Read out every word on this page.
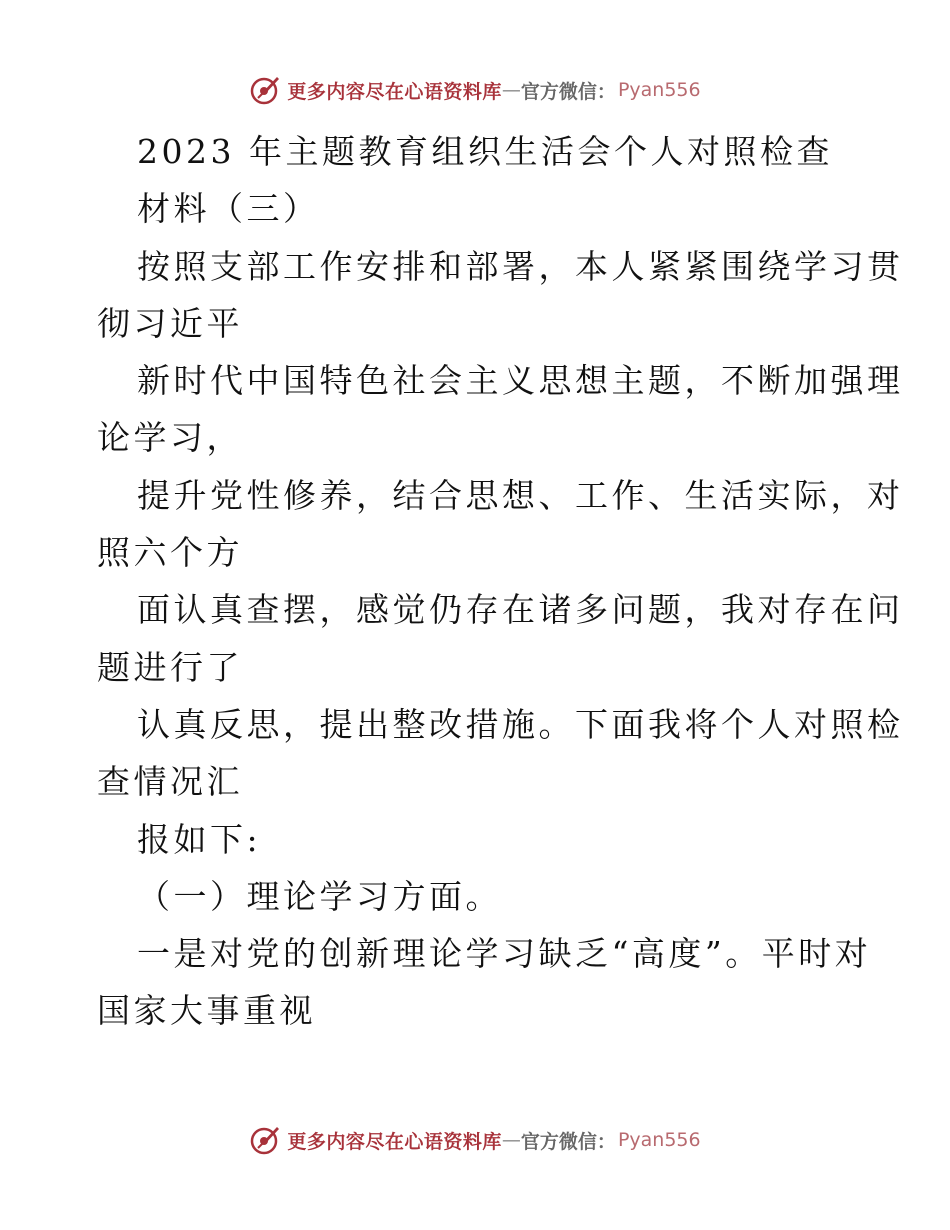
更多内容尽在心语资料库 — 官方微信： Pyan556
2023 年主题教育组织生活会个人对照检查
材料（三）
按照支部工作安排和部署，本人紧紧围绕学习贯
彻习近平
新时代中国特色社会主义思想主题，不断加强理
论学习，
提升党性修养，结合思想、工作、生活实际，对
照六个方
面认真查摆，感觉仍存在诸多问题，我对存在问
题进行了
认真反思，提出整改措施。下面我将个人对照检
查情况汇
报如下:
（一）理论学习方面。
一是对党的创新理论学习缺乏“高度”。平时对
国家大事重视
更多内容尽在心语资料库 — 官方微信： Pyan556
